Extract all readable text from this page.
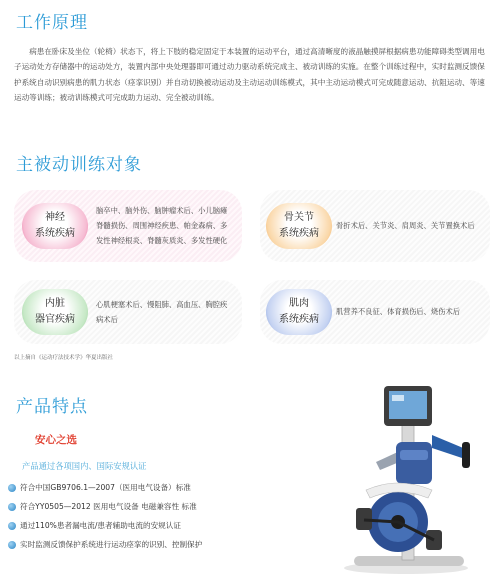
工作原理
病患在卧床及坐位（轮椅）状态下，将上下肢的稳定固定于本装置的运动平台，通过高清晰度的液晶触摸屏根据病患功能障碍类型调用电子运动处方存储器中的运动处方，装置内部中央处理器即可通过动力驱动系统完成主、被动训练的实施。在整个训练过程中，实时监测反馈保护系统自动识别病患的肌力状态（痉挛识别）并自动切换被动运动及主动运动训练模式，其中主动运动模式可完成随意运动、抗阻运动、等速运动等训练；被动训练模式可完成助力运动、完全被动训练。
主被动训练对象
神经
系统疾病
脑卒中、脑外伤、脑肿瘤术后、小儿脑瘫
脊髓损伤、周围神经疾患、帕金森病、多
发性神经根炎、脊髓灰质炎、多发性硬化
骨关节
系统疾病
骨折术后、关节炎、肩周炎、关节置换术后
内脏
器官疾病
心肌梗塞术后、慢阻肺、高血压、胸腔疾
病术后
肌肉
系统疾病
肌营养不良征、体育损伤后、烧伤术后
以上摘自《运动疗法技术学》华夏出版社
产品特点
安心之选
产品通过各项国内、国际安规认证
符合中国GB9706.1—2007（医用电气设备）标准
符合YY0505—2012 医用电气设备 电磁兼容性 标准
通过110%患者漏电流/患者辅助电流的安规认证
实时监测反馈保护系统进行运动痉挛的识别、控制保护
